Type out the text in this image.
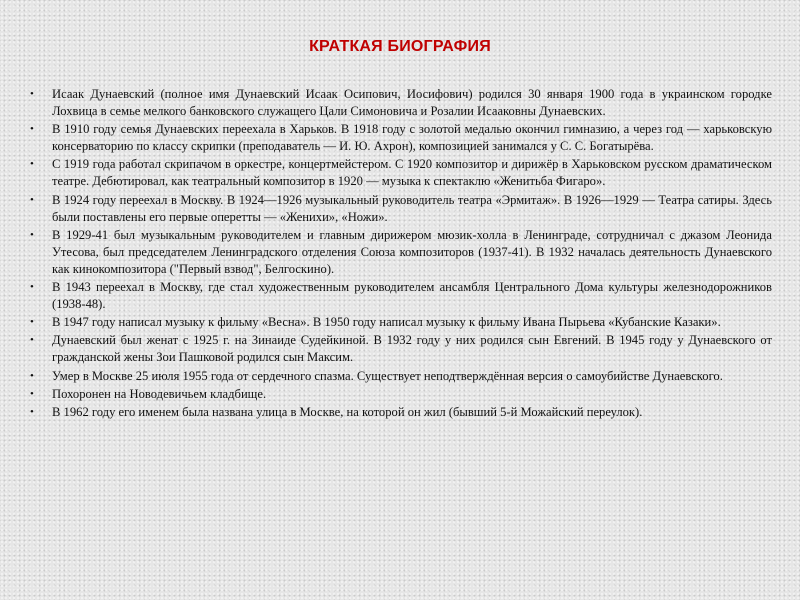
КРАТКАЯ БИОГРАФИЯ
• Исаак Дунаевский (полное имя Дунаевский Исаак Осипович, Иосифович) родился 30 января 1900 года в украинском городке Лохвица в семье мелкого банковского служащего Цали Симоновича и Розалии Исааковны Дунаевских.
• В 1910 году семья Дунаевских переехала в Харьков. В 1918 году с золотой медалью окончил гимназию, а через год — харьковскую консерваторию по классу скрипки (преподаватель — И. Ю. Ахрон), композицией занимался у С. С. Богатырёва.
• С 1919 года работал скрипачом в оркестре, концертмейстером. С 1920 композитор и дирижёр в Харьковском русском драматическом театре. Дебютировал, как театральный композитор в 1920 — музыка к спектаклю «Женитьба Фигаро».
• В 1924 году переехал в Москву. В 1924—1926 музыкальный руководитель театра «Эрмитаж». В 1926—1929 — Театра сатиры. Здесь были поставлены его первые оперетты — «Женихи», «Ножи».
• В 1929-41 был музыкальным руководителем и главным дирижером мюзик-холла в Ленинграде, сотрудничал с джазом Леонида Утесова, был председателем Ленинградского отделения Союза композиторов (1937-41). В 1932 началась деятельность Дунаевского как кинокомпозитора ("Первый взвод", Белгоскино).
• В 1943 переехал в Москву, где стал художественным руководителем ансамбля Центрального Дома культуры железнодорожников (1938-48).
• В 1947 году написал музыку к фильму «Весна». В 1950 году написал музыку к фильму Ивана Пырьева «Кубанские Казаки».
• Дунаевский был женат с 1925 г. на Зинаиде Судейкиной. В 1932 году у них родился сын Евгений. В 1945 году у Дунаевского от гражданской жены Зои Пашковой родился сын Максим.
• Умер в Москве 25 июля 1955 года от сердечного спазма. Существует неподтверждённая версия о самоубийстве Дунаевского.
• Похоронен на Новодевичьем кладбище.
• В 1962 году его именем была названа улица в Москве, на которой он жил (бывший 5-й Можайский переулок).
